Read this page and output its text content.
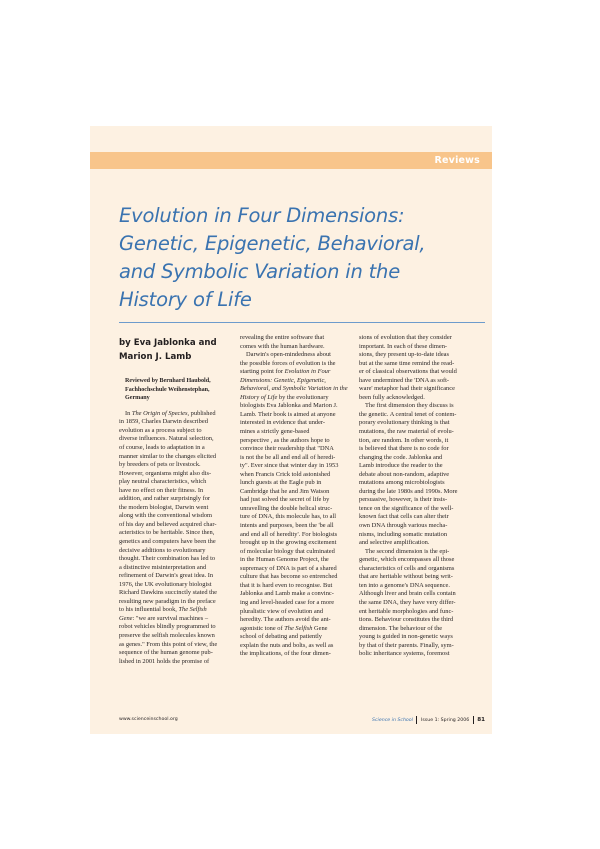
Reviews
Evolution in Four Dimensions:
Genetic, Epigenetic, Behavioral,
and Symbolic Variation in the
History of Life
by Eva Jablonka and
Marion J. Lamb
Reviewed by Bernhard Haubold,
Fachhochschule Weihenstephan,
Germany
In The Origin of Species, published
in 1859, Charles Darwin described
evolution as a process subject to
diverse influences. Natural selection,
of course, leads to adaptation in a
manner similar to the changes elicited
by breeders of pets or livestock.
However, organisms might also dis-
play neutral characteristics, which
have no effect on their fitness. In
addition, and rather surprisingly for
the modern biologist, Darwin went
along with the conventional wisdom
of his day and believed acquired char-
acteristics to be heritable. Since then,
genetics and computers have been the
decisive additions to evolutionary
thought. Their combination has led to
a distinctive misinterpretation and
refinement of Darwin's great idea. In
1976, the UK evolutionary biologist
Richard Dawkins succinctly stated the
resulting new paradigm in the preface
to his influential book, The Selfish
Gene: "we are survival machines –
robot vehicles blindly programmed to
preserve the selfish molecules known
as genes." From this point of view, the
sequence of the human genome pub-
lished in 2001 holds the promise of
revealing the entire software that
comes with the human hardware.
Darwin's open-mindedness about
the possible forces of evolution is the
starting point for Evolution in Four
Dimensions: Genetic, Epigenetic,
Behavioral, and Symbolic Variation in the
History of Life by the evolutionary
biologists Eva Jablonka and Marion J.
Lamb. Their book is aimed at anyone
interested in evidence that under-
mines a strictly gene-based
perspective , as the authors hope to
convince their readership that "DNA
is not the be all and end all of heredi-
ty". Ever since that winter day in 1953
when Francis Crick told astonished
lunch guests at the Eagle pub in
Cambridge that he and Jim Watson
had just solved the secret of life by
unravelling the double helical struc-
ture of DNA, this molecule has, to all
intents and purposes, been the 'be all
and end all of heredity'. For biologists
brought up in the growing excitement
of molecular biology that culminated
in the Human Genome Project, the
supremacy of DNA is part of a shared
culture that has become so entrenched
that it is hard even to recognise. But
Jablonka and Lamb make a convinc-
ing and level-headed case for a more
pluralistic view of evolution and
heredity. The authors avoid the ant-
agonistic tone of The Selfish Gene
school of debating and patiently
explain the nuts and bolts, as well as
the implications, of the four dimen-
sions of evolution that they consider
important. In each of these dimen-
sions, they present up-to-date ideas
but at the same time remind the read-
er of classical observations that would
have undermined the 'DNA as soft-
ware' metaphor had their significance
been fully acknowledged.
The first dimension they discuss is
the genetic. A central tenet of contem-
porary evolutionary thinking is that
mutations, the raw material of evolu-
tion, are random. In other words, it
is believed that there is no code for
changing the code. Jablonka and
Lamb introduce the reader to the
debate about non-random, adaptive
mutations among microbiologists
during the late 1980s and 1990s. More
persuasive, however, is their insis-
tence on the significance of the well-
known fact that cells can alter their
own DNA through various mecha-
nisms, including somatic mutation
and selective amplification.
The second dimension is the epi-
genetic, which encompasses all those
characteristics of cells and organisms
that are heritable without being writ-
ten into a genome's DNA sequence.
Although liver and brain cells contain
the same DNA, they have very differ-
ent heritable morphologies and func-
tions. Behaviour constitutes the third
dimension. The behaviour of the
young is guided in non-genetic ways
by that of their parents. Finally, sym-
bolic inheritance systems, foremost
www.scienceinschool.org	Science in School Issue 1: Spring 2006 81
